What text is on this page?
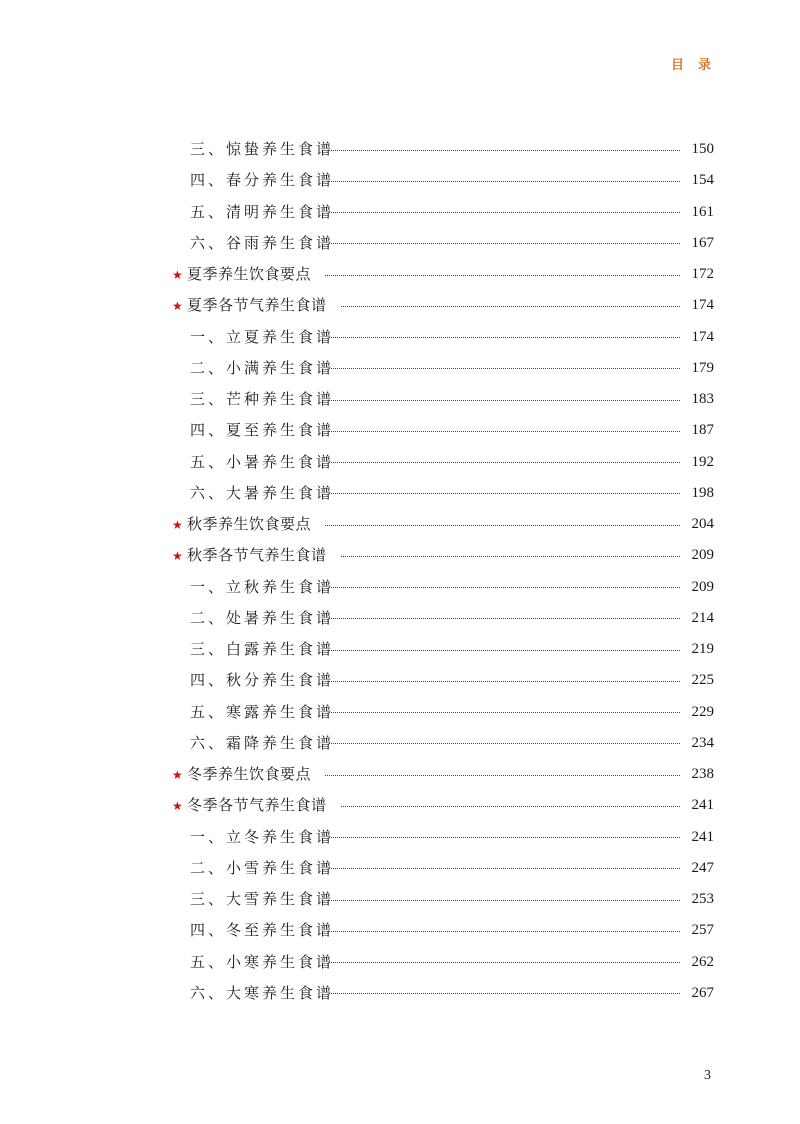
目录
三、惊蛰养生食谱	150
四、春分养生食谱	154
五、清明养生食谱	161
六、谷雨养生食谱	167
★ 夏季养生饮食要点	172
★ 夏季各节气养生食谱	174
一、立夏养生食谱	174
二、小满养生食谱	179
三、芒种养生食谱	183
四、夏至养生食谱	187
五、小暑养生食谱	192
六、大暑养生食谱	198
★ 秋季养生饮食要点	204
★ 秋季各节气养生食谱	209
一、立秋养生食谱	209
二、处暑养生食谱	214
三、白露养生食谱	219
四、秋分养生食谱	225
五、寒露养生食谱	229
六、霜降养生食谱	234
★ 冬季养生饮食要点	238
★ 冬季各节气养生食谱	241
一、立冬养生食谱	241
二、小雪养生食谱	247
三、大雪养生食谱	253
四、冬至养生食谱	257
五、小寒养生食谱	262
六、大寒养生食谱	267
3
